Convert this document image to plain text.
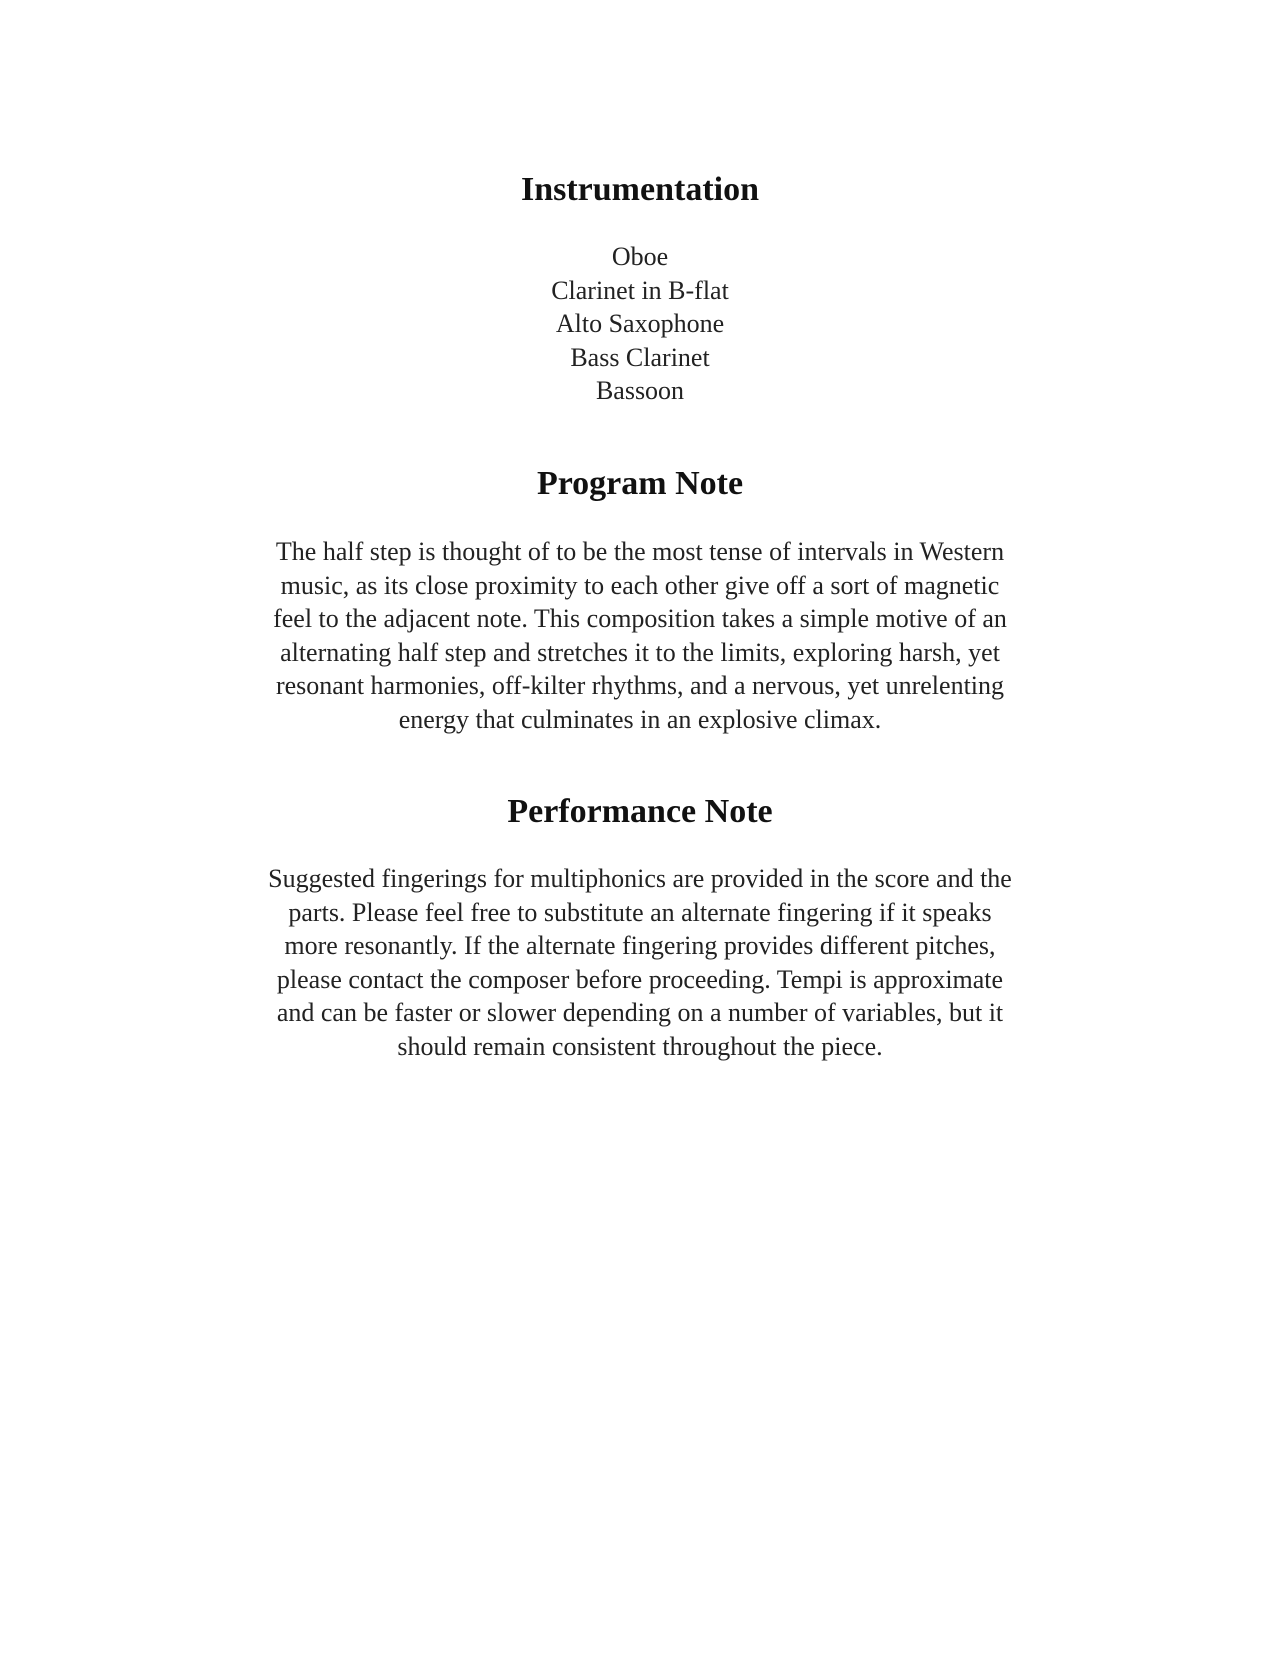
Instrumentation
Oboe
Clarinet in B-flat
Alto Saxophone
Bass Clarinet
Bassoon
Program Note

The half step is thought of to be the most tense of intervals in Western
music, as its close proximity to each other give off a sort of magnetic
feel to the adjacent note. This composition takes a simple motive of an
alternating half step and stretches it to the limits, exploring harsh, yet
resonant harmonies, off-kilter rhythms, and a nervous, yet unrelenting
energy that culminates in an explosive climax.

Performance Note

Suggested fingerings for multiphonics are provided in the score and the
parts. Please feel free to substitute an alternate fingering if it speaks
more resonantly. If the alternate fingering provides different pitches,
please contact the composer before proceeding. Tempi is approximate
and can be faster or slower depending on a number of variables, but it
should remain consistent throughout the piece.
